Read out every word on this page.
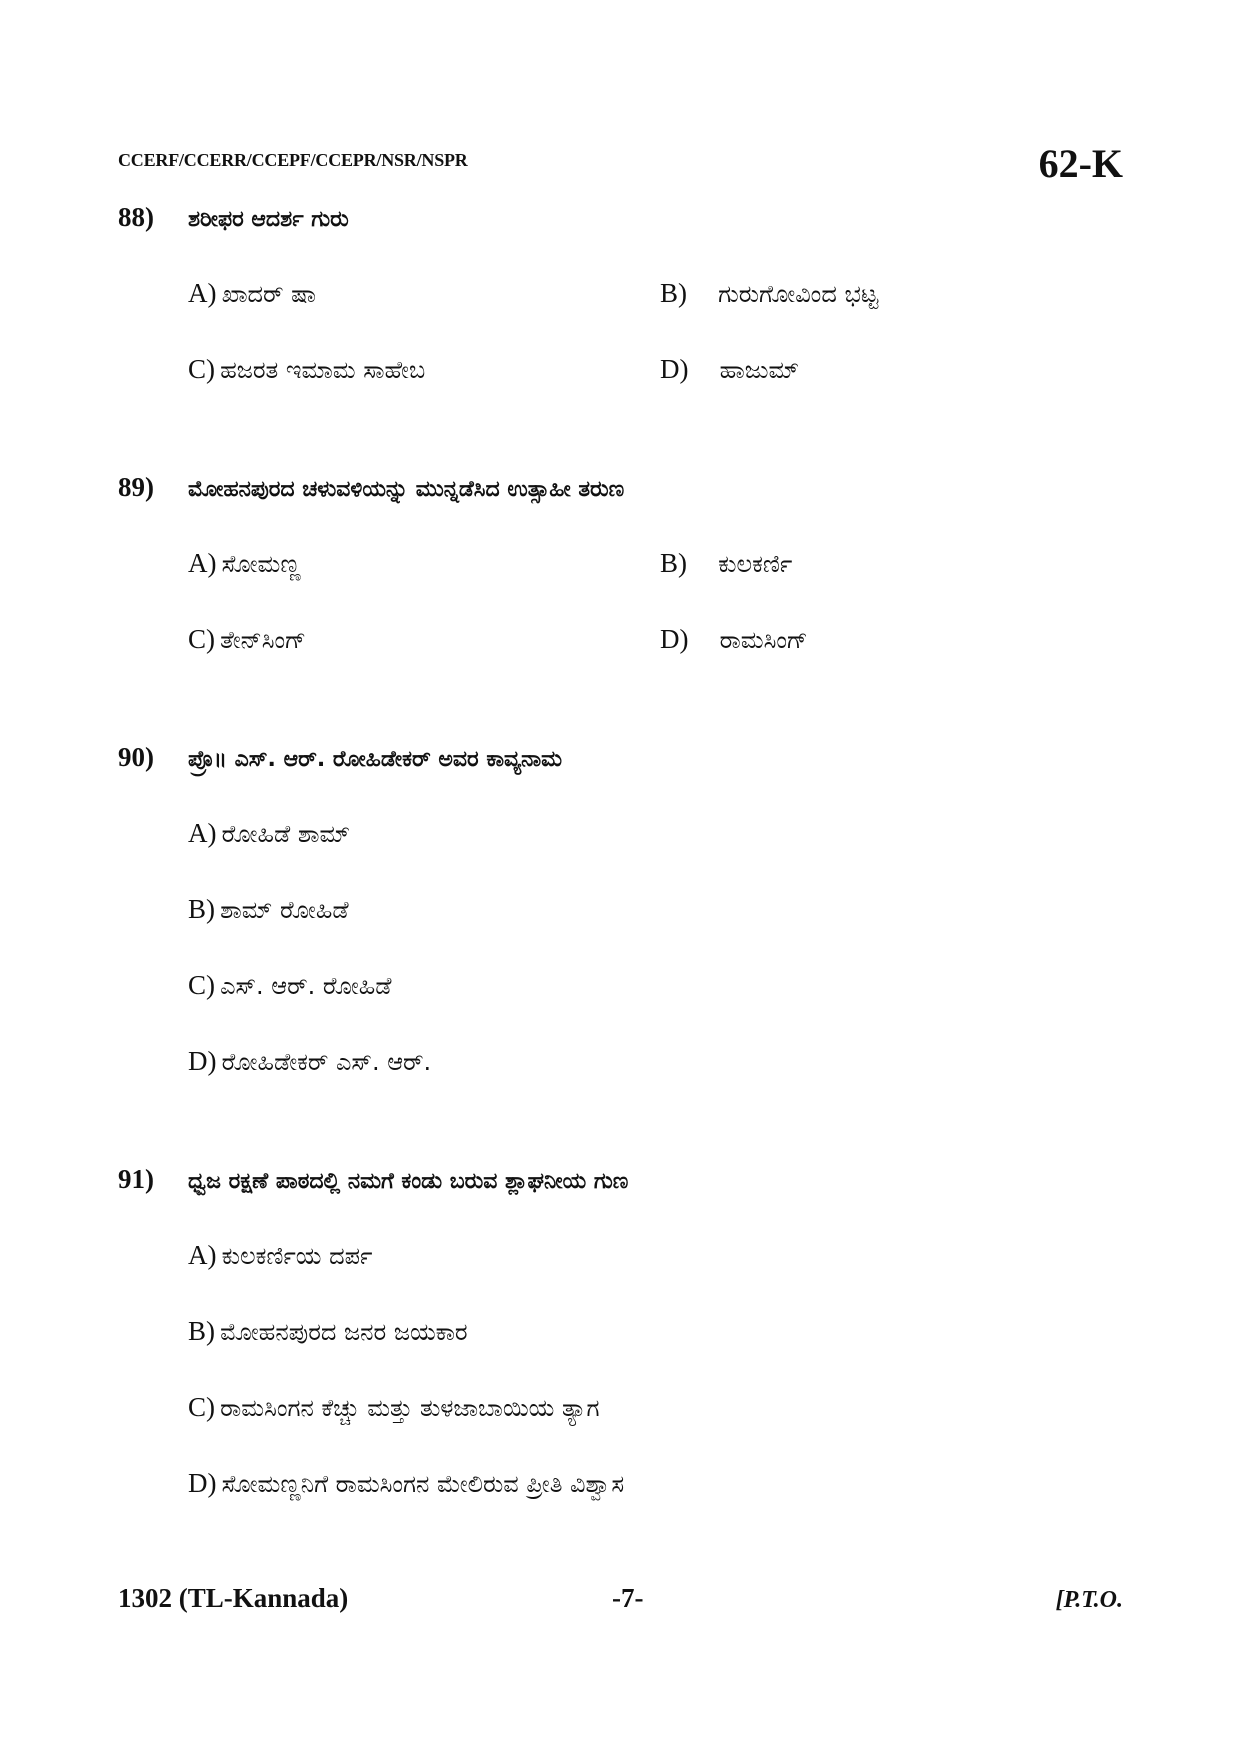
CCERF/CCERR/CCEPF/CCEPR/NSR/NSPR	62-K
88) ಶರೀಫರ ಆದರ್ಶ ಗುರು
A) ಖಾದರ್ ಷಾ	B) ಗುರುಗೋವಿಂದ ಭಟ್ಟ
C) ಹಜರತ ಇಮಾಮ ಸಾಹೇಬ	D) ಹಾಜುಮ್
89) ಮೋಹನಪುರದ ಚಳುವಳಿಯನ್ನು ಮುನ್ನಡೆಸಿದ ಉತ್ಸಾಹೀ ತರುಣ
A) ಸೋಮಣ್ಣ	B) ಕುಲಕರ್ಣಿ
C) ತೇನ್‌ಸಿಂಗ್	D) ರಾಮಸಿಂಗ್
90) ಪ್ರೊ॥ ಎಸ್. ಆರ್. ರೋಹಿಡೇಕರ್ ಅವರ ಕಾವ್ಯನಾಮ
A) ರೋಹಿಡೆ ಶಾಮ್
B) ಶಾಮ್ ರೋಹಿಡೆ
C) ಎಸ್. ಆರ್. ರೋಹಿಡೆ
D) ರೋಹಿಡೇಕರ್ ಎಸ್. ಆರ್.
91) ಧ್ವಜ ರಕ್ಷಣೆ ಪಾಠದಲ್ಲಿ ನಮಗೆ ಕಂಡು ಬರುವ ಶ್ಲಾಘನೀಯ ಗುಣ
A) ಕುಲಕರ್ಣಿಯ ದರ್ಪ
B) ಮೋಹನಪುರದ ಜನರ ಜಯಕಾರ
C) ರಾಮಸಿಂಗನ ಕೆಚ್ಚು ಮತ್ತು ತುಳಜಾಬಾಯಿಯ ತ್ಯಾಗ
D) ಸೋಮಣ್ಣನಿಗೆ ರಾಮಸಿಂಗನ ಮೇಲಿರುವ ಪ್ರೀತಿ ವಿಶ್ವಾಸ
1302 (TL-Kannada)	-7-	[P.T.O.
